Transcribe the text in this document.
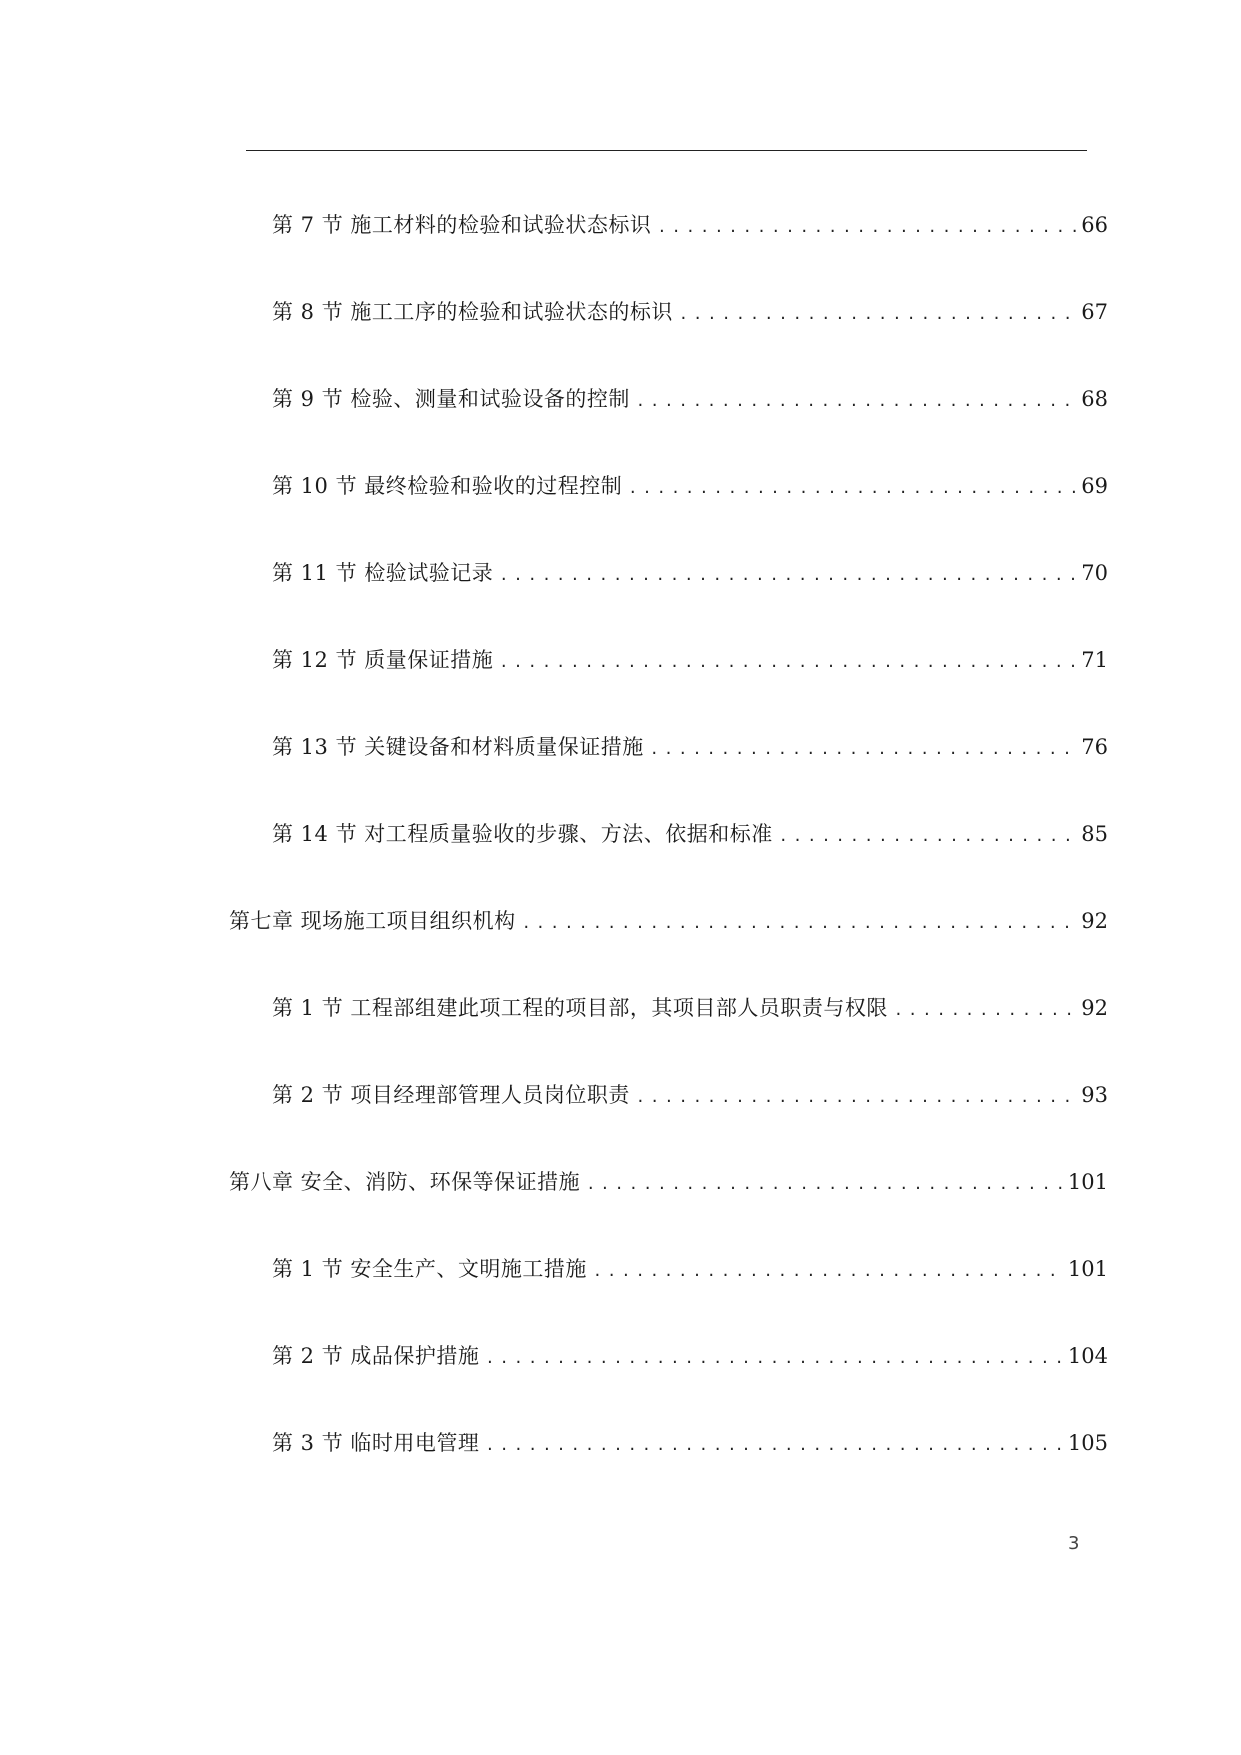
第 7 节 施工材料的检验和试验状态标识 .....	66
第 8 节 施工工序的检验和试验状态的标识 .....	67
第 9 节 检验、测量和试验设备的控制 .....	68
第 10 节 最终检验和验收的过程控制 .....	69
第 11 节 检验试验记录 .....	70
第 12 节 质量保证措施 .....	71
第 13 节 关键设备和材料质量保证措施 .....	76
第 14 节 对工程质量验收的步骤、方法、依据和标准 .....	85
第七章 现场施工项目组织机构 .....	92
第 1 节 工程部组建此项工程的项目部，其项目部人员职责与权限 .....	92
第 2 节 项目经理部管理人员岗位职责 .....	93
第八章 安全、消防、环保等保证措施 .....	101
第 1 节 安全生产、文明施工措施 .....	101
第 2 节 成品保护措施 .....	104
第 3 节 临时用电管理 .....	105
3
